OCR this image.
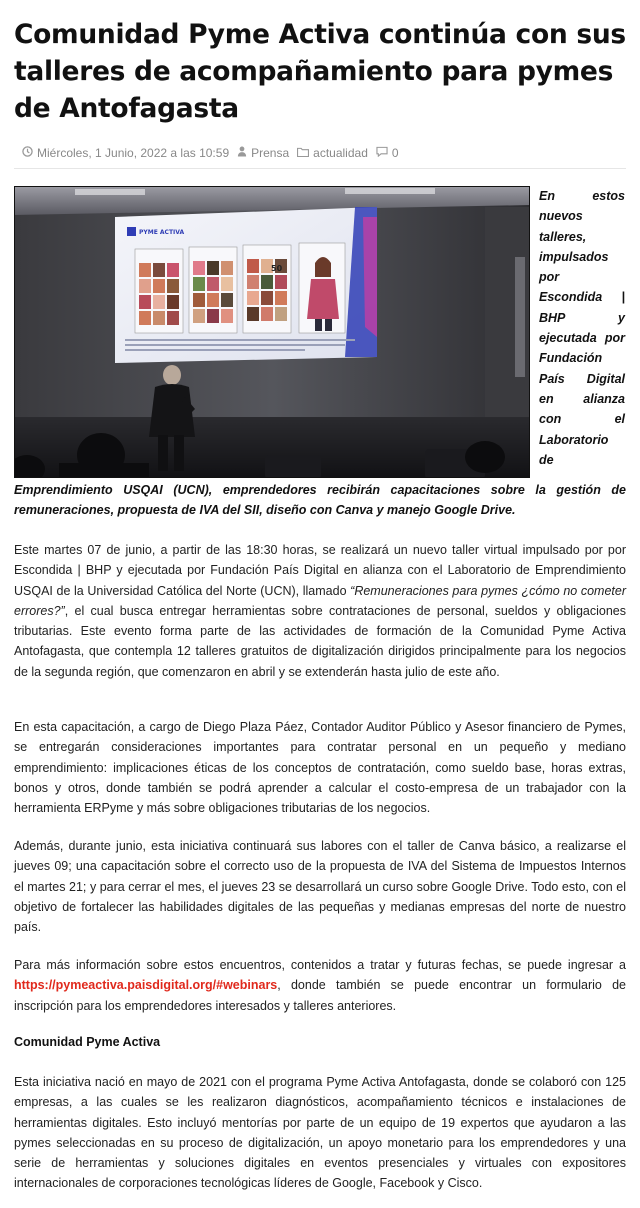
Comunidad Pyme Activa continúa con sus talleres de acompañamiento para pymes de Antofagasta
Miércoles, 1 Junio, 2022 a las 10:59 Prensa actualidad 0
PYME ACTIVA
50
En estos
nuevos
talleres,
impulsados
por
Escondida |
BHP y
ejecutada por
Fundación
País Digital
en alianza
con el
Laboratorio
de

Emprendimiento USQAI (UCN), emprendedores recibirán capacitaciones sobre la gestión de remuneraciones, propuesta de IVA del SII, diseño con Canva y manejo Google Drive.

Este martes 07 de junio, a partir de las 18:30 horas, se realizará un nuevo taller virtual impulsado por por Escondida | BHP y ejecutada por Fundación País Digital en alianza con el Laboratorio de Emprendimiento USQAI de la Universidad Católica del Norte (UCN), llamado “Remuneraciones para pymes ¿cómo no cometer errores?”, el cual busca entregar herramientas sobre contrataciones de personal, sueldos y obligaciones tributarias. Este evento forma parte de las actividades de formación de la Comunidad Pyme Activa Antofagasta, que contempla 12 talleres gratuitos de digitalización dirigidos principalmente para los negocios de la segunda región, que comenzaron en abril y se extenderán hasta julio de este año.

En esta capacitación, a cargo de Diego Plaza Páez, Contador Auditor Público y Asesor financiero de Pymes, se entregarán consideraciones importantes para contratar personal en un pequeño y mediano emprendimiento: implicaciones éticas de los conceptos de contratación, como sueldo base, horas extras, bonos y otros, donde también se podrá aprender a calcular el costo-empresa de un trabajador con la herramienta ERPyme y más sobre obligaciones tributarias de los negocios.

Además, durante junio, esta iniciativa continuará sus labores con el taller de Canva básico, a realizarse el jueves 09; una capacitación sobre el correcto uso de la propuesta de IVA del Sistema de Impuestos Internos el martes 21; y para cerrar el mes, el jueves 23 se desarrollará un curso sobre Google Drive. Todo esto, con el objetivo de fortalecer las habilidades digitales de las pequeñas y medianas empresas del norte de nuestro país.

Para más información sobre estos encuentros, contenidos a tratar y futuras fechas, se puede ingresar a https://pymeactiva.paisdigital.org/#webinars, donde también se puede encontrar un formulario de inscripción para los emprendedores interesados y talleres anteriores.

Comunidad Pyme Activa

Esta iniciativa nació en mayo de 2021 con el programa Pyme Activa Antofagasta, donde se colaboró con 125 empresas, a las cuales se les realizaron diagnósticos, acompañamiento técnicos e instalaciones de herramientas digitales. Esto incluyó mentorías por parte de un equipo de 19 expertos que ayudaron a las pymes seleccionadas en su proceso de digitalización, un apoyo monetario para los emprendedores y una serie de herramientas y soluciones digitales en eventos presenciales y virtuales con expositores internacionales de corporaciones tecnológicas líderes de Google, Facebook y Cisco.
